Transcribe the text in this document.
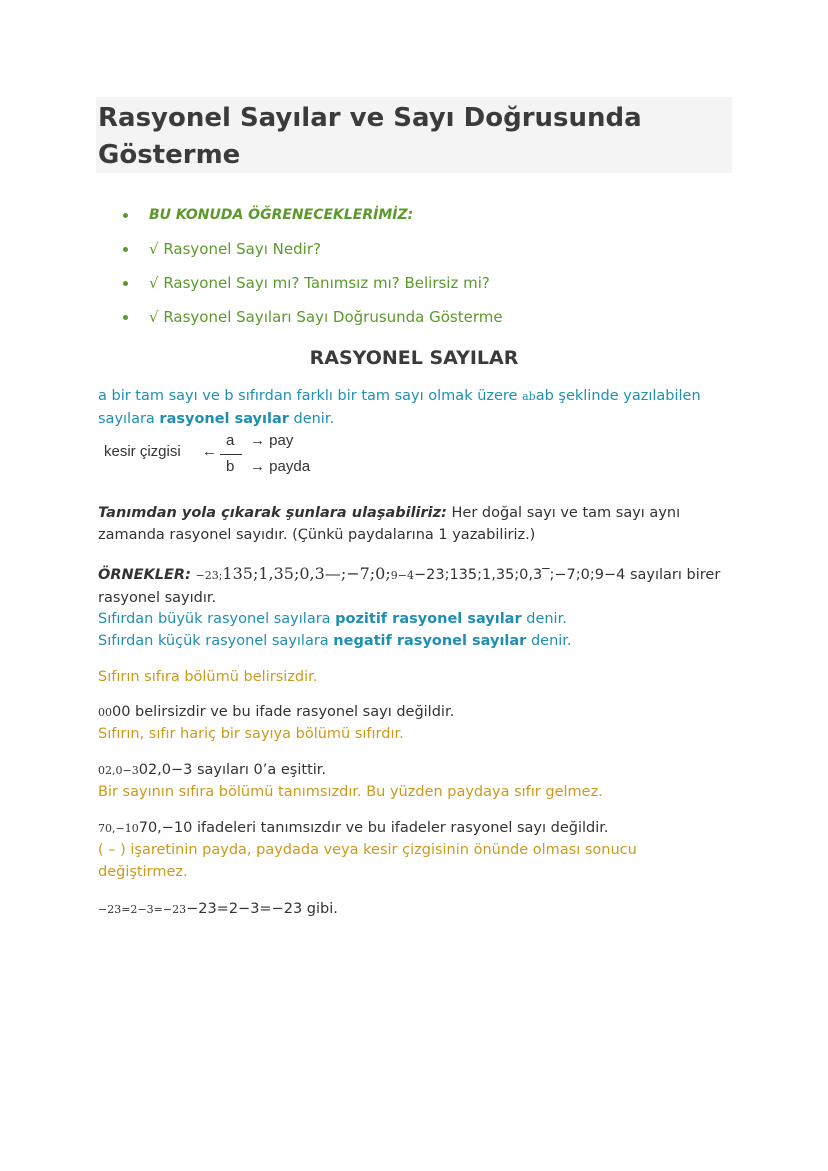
Rasyonel Sayılar ve Sayı Doğrusunda Gösterme
BU KONUDA ÖĞRENECEKLERİMİZ:
√ Rasyonel Sayı Nedir?
√ Rasyonel Sayı mı? Tanımsız mı? Belirsiz mi?
√ Rasyonel Sayıları Sayı Doğrusunda Gösterme
RASYONEL SAYILAR
a bir tam sayı ve b sıfırdan farklı bir tam sayı olmak üzere abab şeklinde yazılabilen sayılara rasyonel sayılar denir.
kesir çizgisi ←
a
b
→ pay
→ payda
Tanımdan yola çıkarak şunlara ulaşabiliriz: Her doğal sayı ve tam sayı aynı zamanda rasyonel sayıdır. (Çünkü paydalarına 1 yazabiliriz.)
ÖRNEKLER: −23;135;1,35;0,3—;−7;0;9−4−23;135;1,35;0,3‾;−7;0;9−4 sayıları birer rasyonel sayıdır.
Sıfırdan büyük rasyonel sayılara pozitif rasyonel sayılar denir.
Sıfırdan küçük rasyonel sayılara negatif rasyonel sayılar denir.
Sıfırın sıfıra bölümü belirsizdir.
0000 belirsizdir ve bu ifade rasyonel sayı değildir.
Sıfırın, sıfır hariç bir sayıya bölümü sıfırdır.
02,0−302,0−3 sayıları 0’a eşittir.
Bir sayının sıfıra bölümü tanımsızdır. Bu yüzden paydaya sıfır gelmez.
70,−1070,−10 ifadeleri tanımsızdır ve bu ifadeler rasyonel sayı değildir.
( – ) işaretinin payda, paydada veya kesir çizgisinin önünde olması sonucu değiştirmez.
−23=2−3=−23−23=2−3=−23 gibi.
